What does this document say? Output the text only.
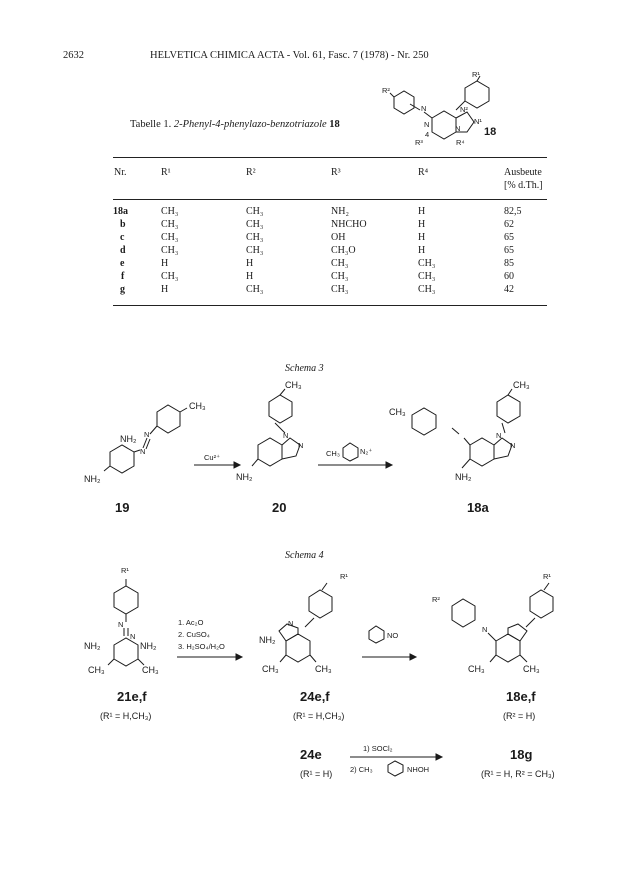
2632	HELVETICA CHIMICA ACTA - Vol. 61, Fasc. 7 (1978) - Nr. 250
Tabelle 1. 2-Phenyl-4-phenylazo-benzotriazole 18
R¹
R²
R³	R⁴
N²
N¹
N
N
N
4	18
Nr.	R¹	R²	R³	R⁴	Ausbeute
[% d.Th.]
18a	CH₃	CH₃	NH₂	H	82,5
b	CH₃	CH₃	NHCHO	H	62
c	CH₃	CH₃	OH	H	65
d	CH₃	CH₃	CH₃O	H	65
e	H	H	CH₃	CH₃	85
f	CH₃	H	CH₃	CH₃	60
g	H	CH₃	CH₃	CH₃	42
Schema 3
CH₃
NH₂
NH₂
N
N
19
Cu²⁺
CH₃
NH₂
N
N
20
CH₃	N₂⁺
CH₃
CH₃
NH₂
N
N
18a
Schema 4
R¹
N
N
NH₂	NH₂
CH₃	CH₃
21e,f
(R¹ = H,CH₃)
1. Ac₂O
2. CuSO₄
3. H₂SO₄/H₂O
R¹
NH₂
N
CH₃	CH₃
24e,f
(R¹ = H,CH₃)
NO
R¹
R²
N
CH₃	CH₃
18e,f
(R² = H)
24e
(R¹ = H)
1) SOCl₂
2) CH₃	NHOH
18g
(R¹ = H, R² = CH₃)
